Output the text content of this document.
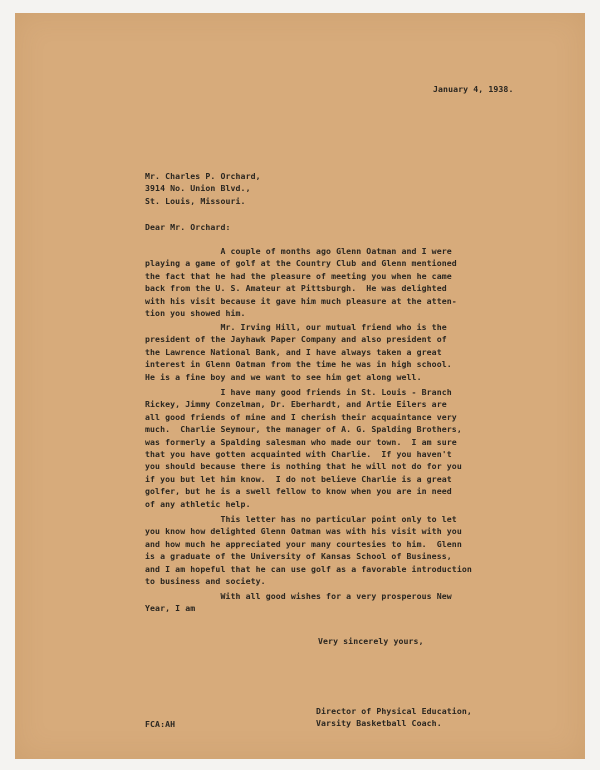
January 4, 1938.
Mr. Charles P. Orchard,
3914 No. Union Blvd.,
St. Louis, Missouri.
Dear Mr. Orchard:
A couple of months ago Glenn Oatman and I were
playing a game of golf at the Country Club and Glenn mentioned
the fact that he had the pleasure of meeting you when he came
back from the U. S. Amateur at Pittsburgh.  He was delighted
with his visit because it gave him much pleasure at the atten-
tion you showed him.
Mr. Irving Hill, our mutual friend who is the
president of the Jayhawk Paper Company and also president of
the Lawrence National Bank, and I have always taken a great
interest in Glenn Oatman from the time he was in high school.
He is a fine boy and we want to see him get along well.
I have many good friends in St. Louis - Branch
Rickey, Jimmy Conzelman, Dr. Eberhardt, and Artie Eilers are
all good friends of mine and I cherish their acquaintance very
much.  Charlie Seymour, the manager of A. G. Spalding Brothers,
was formerly a Spalding salesman who made our town.  I am sure
that you have gotten acquainted with Charlie.  If you haven't
you should because there is nothing that he will not do for you
if you but let him know.  I do not believe Charlie is a great
golfer, but he is a swell fellow to know when you are in need
of any athletic help.
This letter has no particular point only to let
you know how delighted Glenn Oatman was with his visit with you
and how much he appreciated your many courtesies to him.  Glenn
is a graduate of the University of Kansas School of Business,
and I am hopeful that he can use golf as a favorable introduction
to business and society.
With all good wishes for a very prosperous New
Year, I am
Very sincerely yours,
Director of Physical Education,
Varsity Basketball Coach.
FCA:AH
